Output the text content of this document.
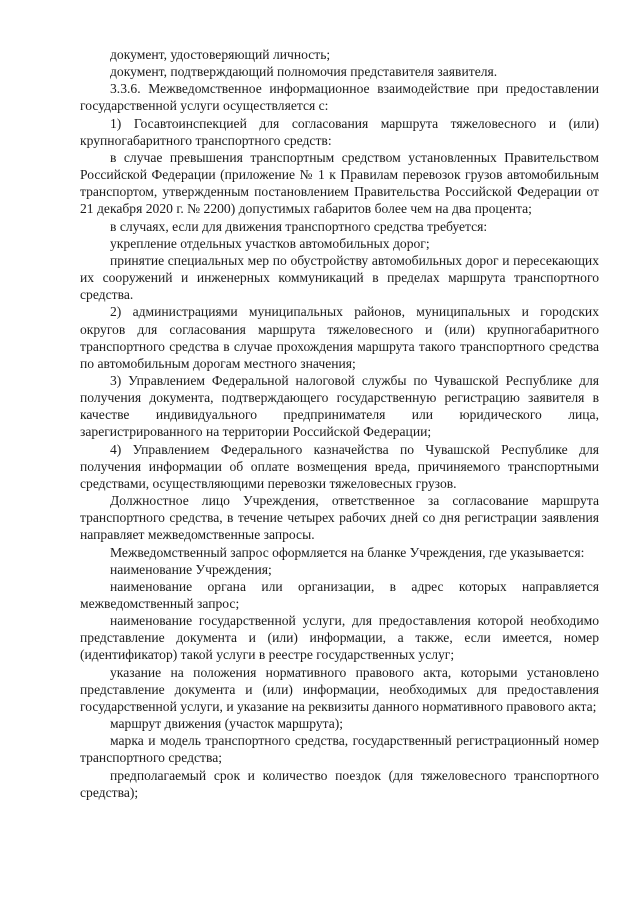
документ, удостоверяющий личность;

документ, подтверждающий полномочия представителя заявителя.

3.3.6. Межведомственное информационное взаимодействие при предоставлении государственной услуги осуществляется с:

1) Госавтоинспекцией для согласования маршрута тяжеловесного и (или) крупногабаритного транспортного средств:

в случае превышения транспортным средством установленных Правительством Российской Федерации (приложение № 1 к Правилам перевозок грузов автомобильным транспортом, утвержденным постановлением Правительства Российской Федерации от 21 декабря 2020 г. № 2200) допустимых габаритов более чем на два процента;

в случаях, если для движения транспортного средства требуется:

укрепление отдельных участков автомобильных дорог;

принятие специальных мер по обустройству автомобильных дорог и пересекающих их сооружений и инженерных коммуникаций в пределах маршрута транспортного средства.

2) администрациями муниципальных районов, муниципальных и городских округов для согласования маршрута тяжеловесного и (или) крупногабаритного транспортного средства в случае прохождения маршрута такого транспортного средства по автомобильным дорогам местного значения;

3) Управлением Федеральной налоговой службы по Чувашской Республике для получения документа, подтверждающего государственную регистрацию заявителя в качестве индивидуального предпринимателя или юридического лица, зарегистрированного на территории Российской Федерации;

4) Управлением Федерального казначейства по Чувашской Республике для получения информации об оплате возмещения вреда, причиняемого транспортными средствами, осуществляющими перевозки тяжеловесных грузов.

Должностное лицо Учреждения, ответственное за согласование маршрута транспортного средства, в течение четырех рабочих дней со дня регистрации заявления направляет межведомственные запросы.

Межведомственный запрос оформляется на бланке Учреждения, где указывается:

наименование Учреждения;

наименование органа или организации, в адрес которых направляется межведомственный запрос;

наименование государственной услуги, для предоставления которой необходимо представление документа и (или) информации, а также, если имеется, номер (идентификатор) такой услуги в реестре государственных услуг;

указание на положения нормативного правового акта, которыми установлено представление документа и (или) информации, необходимых для предоставления государственной услуги, и указание на реквизиты данного нормативного правового акта;

маршрут движения (участок маршрута);

марка и модель транспортного средства, государственный регистрационный номер транспортного средства;

предполагаемый срок и количество поездок (для тяжеловесного транспортного средства);
